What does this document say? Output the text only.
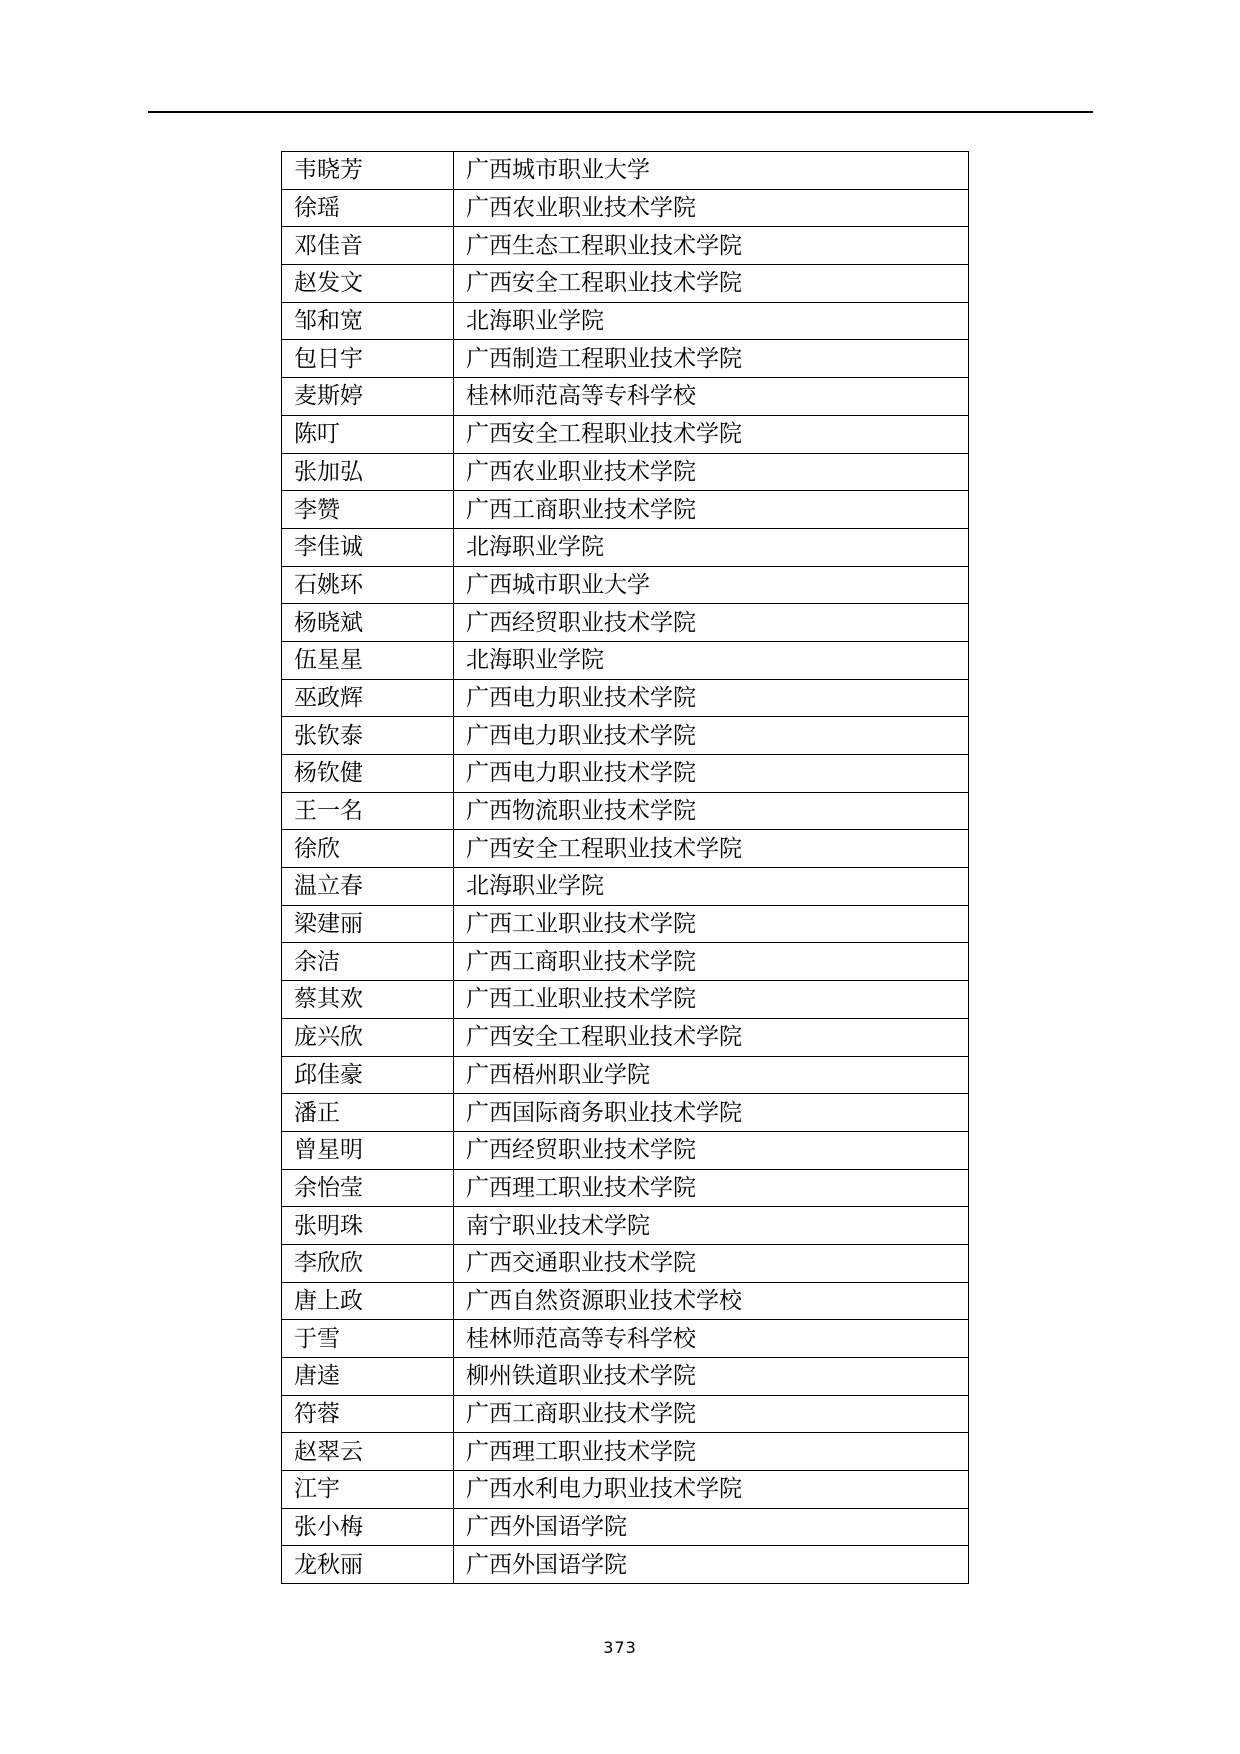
韦晓芳	广西城市职业大学
徐瑶	广西农业职业技术学院
邓佳音	广西生态工程职业技术学院
赵发文	广西安全工程职业技术学院
邹和宽	北海职业学院
包日宇	广西制造工程职业技术学院
麦斯婷	桂林师范高等专科学校
陈叮	广西安全工程职业技术学院
张加弘	广西农业职业技术学院
李赞	广西工商职业技术学院
李佳诚	北海职业学院
石姚环	广西城市职业大学
杨晓斌	广西经贸职业技术学院
伍星星	北海职业学院
巫政辉	广西电力职业技术学院
张钦泰	广西电力职业技术学院
杨钦健	广西电力职业技术学院
王一名	广西物流职业技术学院
徐欣	广西安全工程职业技术学院
温立春	北海职业学院
梁建丽	广西工业职业技术学院
余洁	广西工商职业技术学院
蔡其欢	广西工业职业技术学院
庞兴欣	广西安全工程职业技术学院
邱佳豪	广西梧州职业学院
潘正	广西国际商务职业技术学院
曾星明	广西经贸职业技术学院
余怡莹	广西理工职业技术学院
张明珠	南宁职业技术学院
李欣欣	广西交通职业技术学院
唐上政	广西自然资源职业技术学校
于雪	桂林师范高等专科学校
唐逵	柳州铁道职业技术学院
符蓉	广西工商职业技术学院
赵翠云	广西理工职业技术学院
江宇	广西水利电力职业技术学院
张小梅	广西外国语学院
龙秋丽	广西外国语学院
373
